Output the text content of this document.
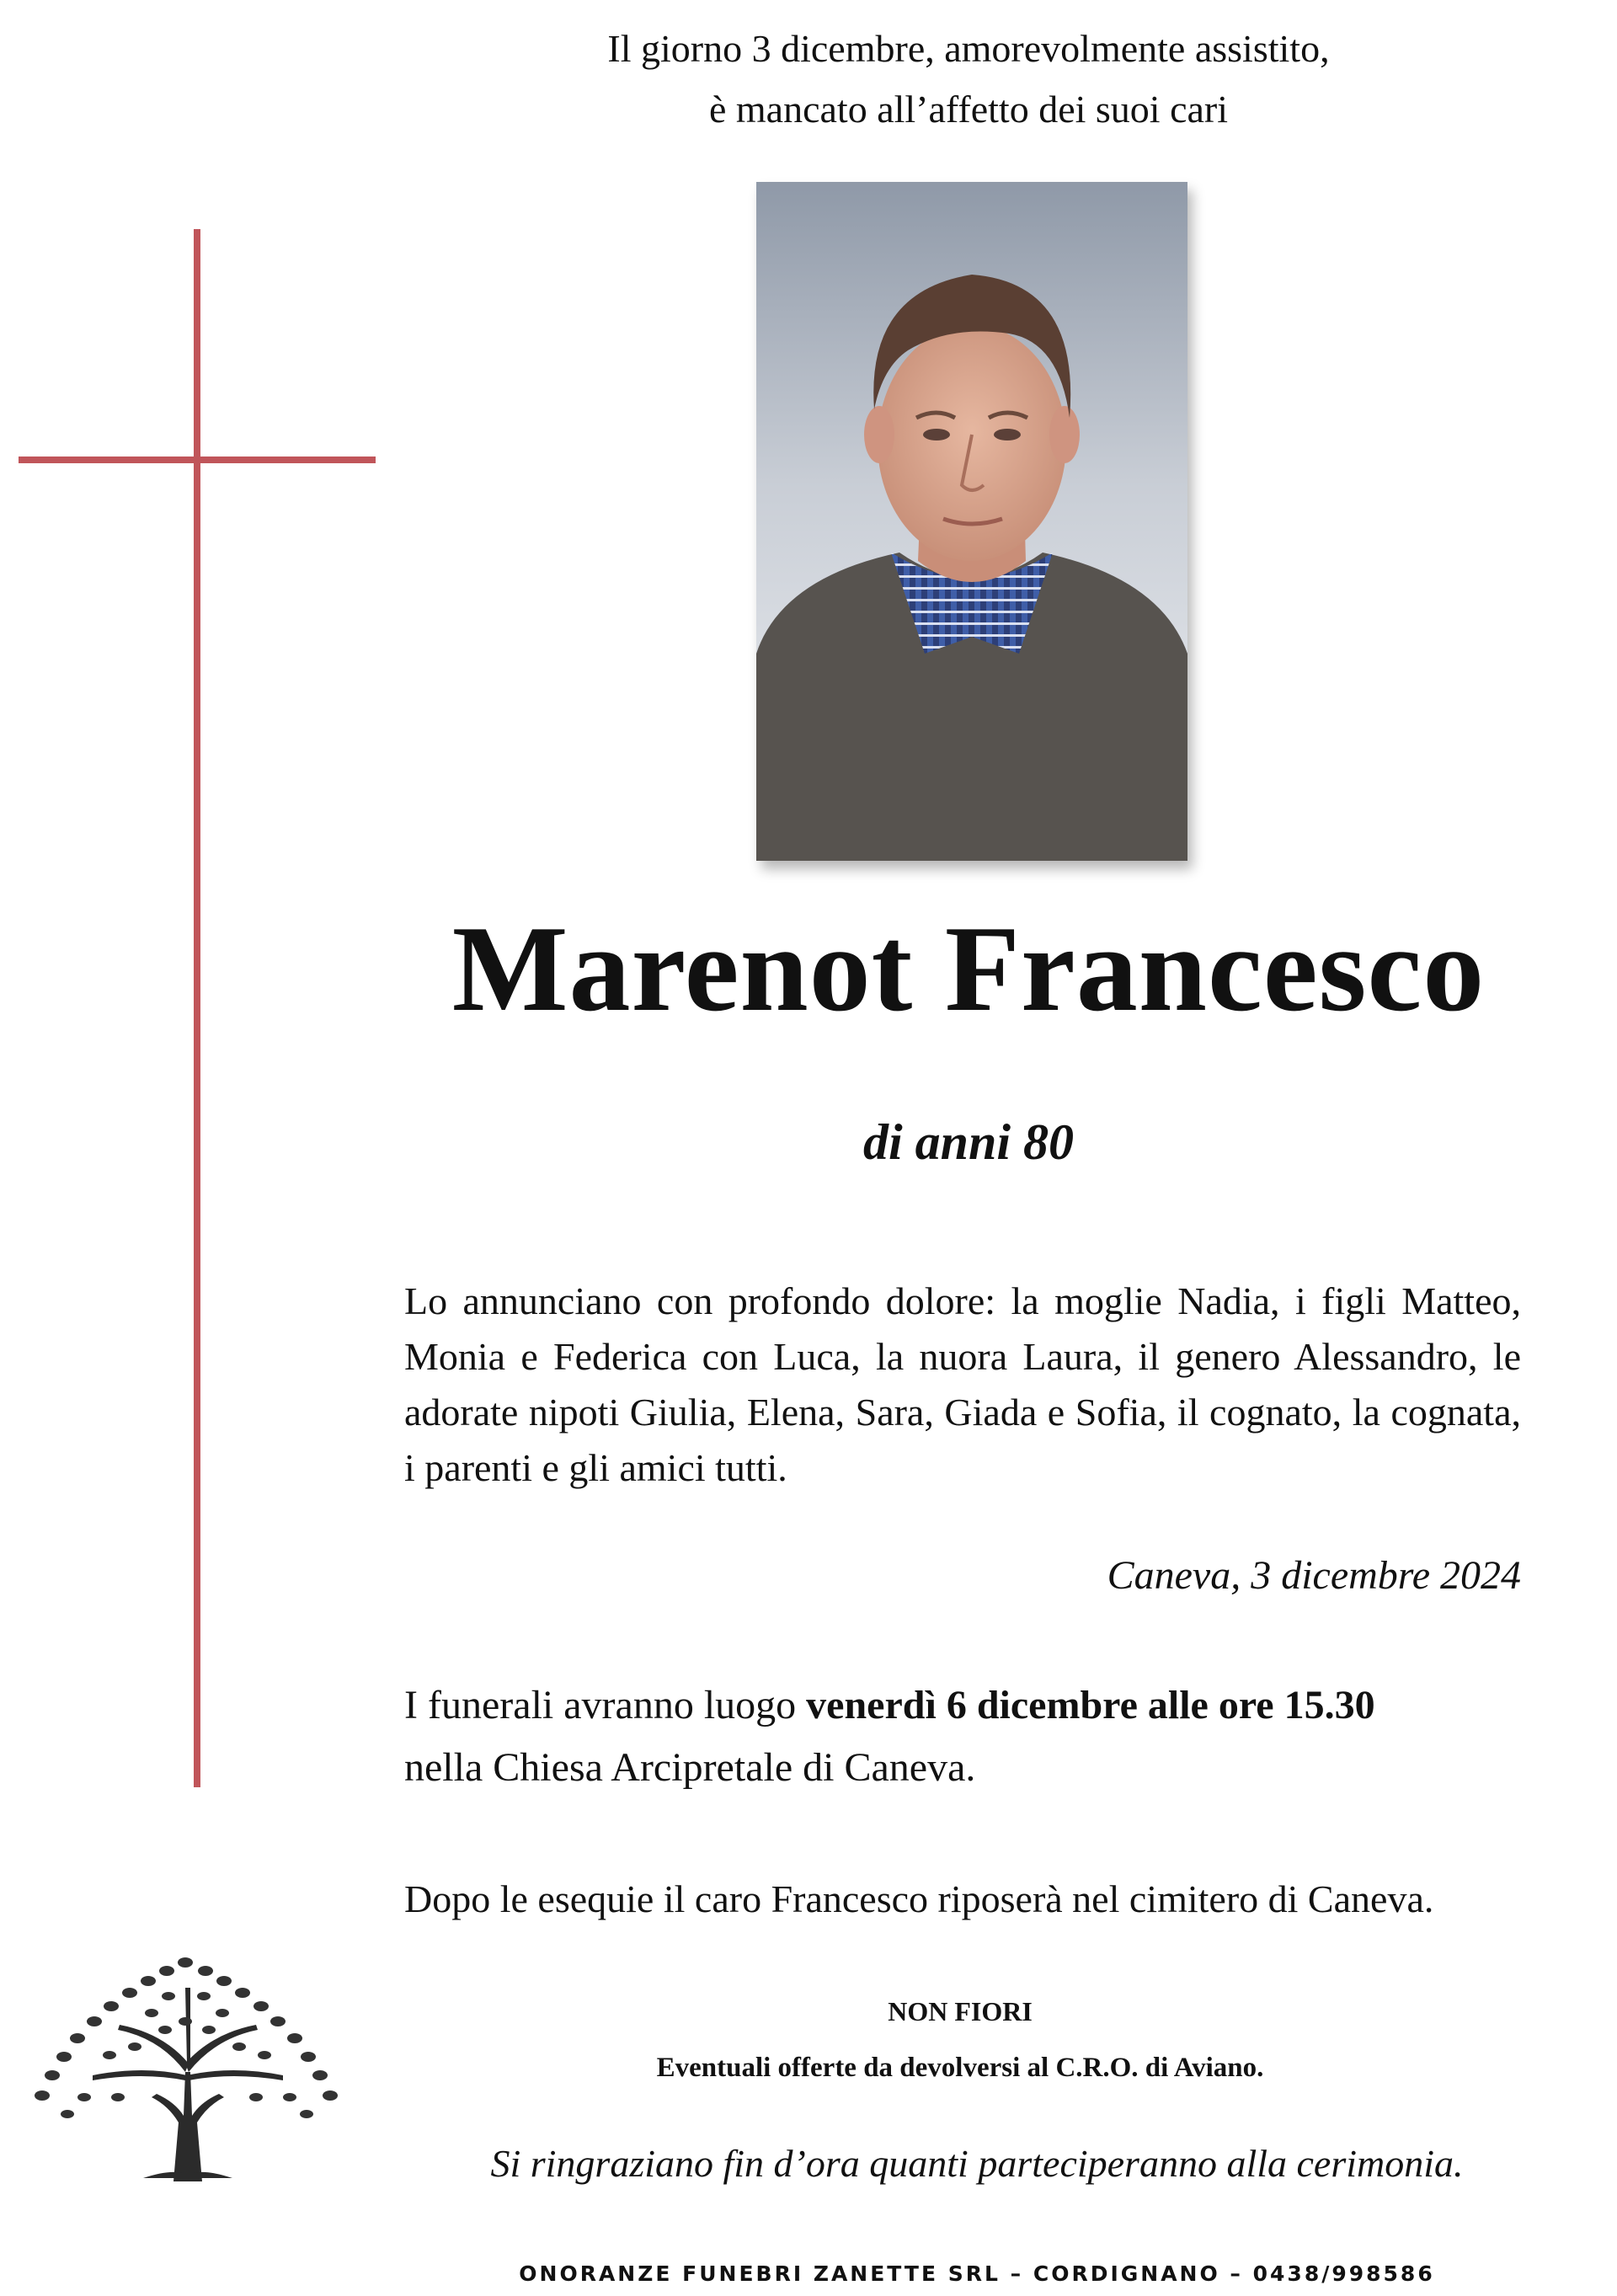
Il giorno 3 dicembre, amorevolmente assistito,
è mancato all’affetto dei suoi cari
Marenot Francesco
di anni 80
Lo annunciano con profondo dolore: la moglie Nadia, i figli Matteo, Monia e Federica con Luca, la nuora Laura, il genero Alessandro, le adorate nipoti Giulia, Elena, Sara, Giada e Sofia, il cognato, la cognata, i parenti e gli amici tutti.
Caneva, 3 dicembre 2024
I funerali avranno luogo venerdì 6 dicembre alle ore 15.30
nella Chiesa Arcipretale di Caneva.
Dopo le esequie il caro Francesco riposerà nel cimitero di Caneva.
NON FIORI
Eventuali offerte da devolversi al C.R.O. di Aviano.
Si ringraziano fin d’ora quanti parteciperanno alla cerimonia.
ONORANZE FUNEBRI ZANETTE SRL – CORDIGNANO – 0438/998586
